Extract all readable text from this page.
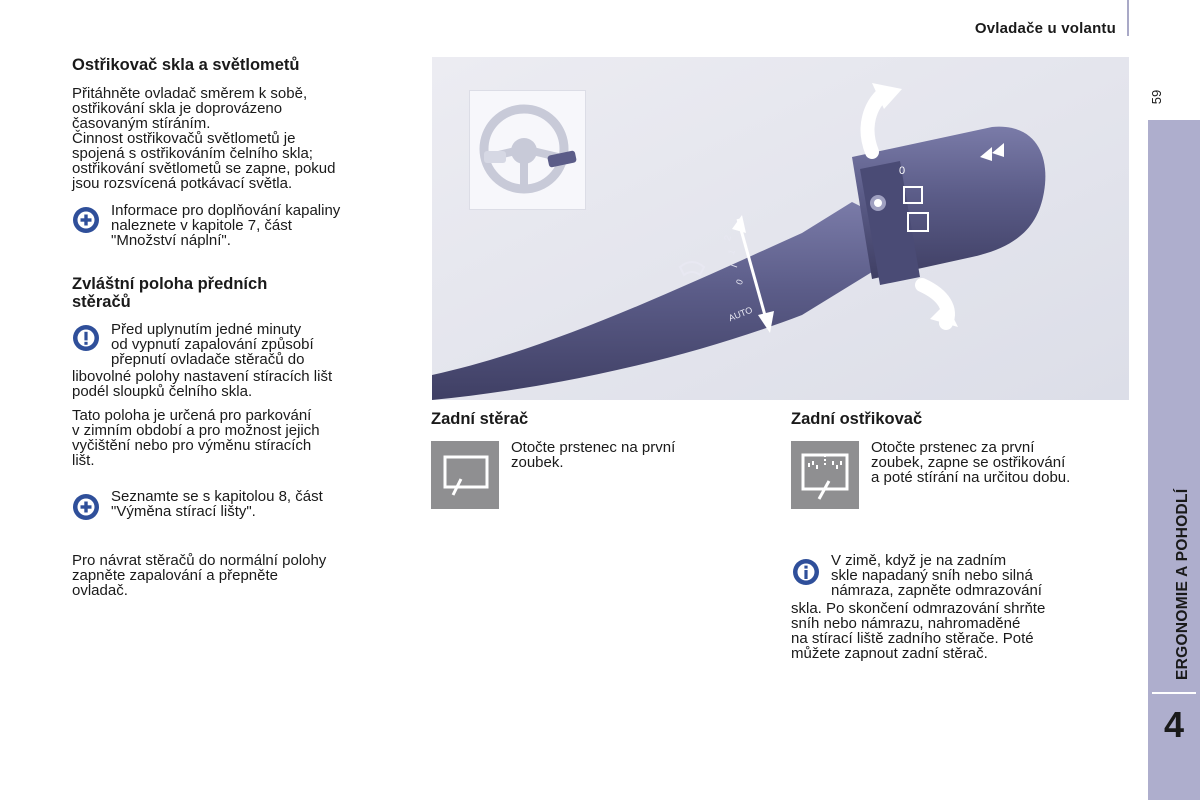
Ovladače u volantu
59
ERGONOMIE A POHODLÍ
4
Ostřikovač skla a světlometů

Přitáhněte ovladač směrem k sobě,

ostřikování skla je doprovázeno

časovaným stíráním.

Činnost ostřikovačů světlometů je

spojená s ostřikováním čelního skla;

ostřikování světlometů se zapne, pokud

jsou rozsvícená potkávací světla.

Informace pro doplňování kapaliny

naleznete v kapitole 7, část

"Množství náplní".

Zvláštní poloha předních
stěračů

Před uplynutím jedné minuty

od vypnutí zapalování způsobí

přepnutí ovladače stěračů do

libovolné polohy nastavení stíracích lišt

podél sloupků čelního skla.

Tato poloha je určená pro parkování

v zimním období a pro možnost jejich

vyčištění nebo pro výměnu stíracích

lišt.

Seznamte se s kapitolou 8, část

"Výměna stírací lišty".

Pro návrat stěračů do normální polohy

zapněte zapalování a přepněte

ovladač.

2
1
I
0
AUTO
0
Zadní stěrač

Otočte prstenec na první

zoubek.

Zadní ostřikovač

Otočte prstenec za první

zoubek, zapne se ostřikování

a poté stírání na určitou dobu.

V zimě, když je na zadním

skle napadaný sníh nebo silná

námraza, zapněte odmrazování

skla. Po skončení odmrazování shrňte

sníh nebo námrazu, nahromaděné

na stírací liště zadního stěrače. Poté

můžete zapnout zadní stěrač.
